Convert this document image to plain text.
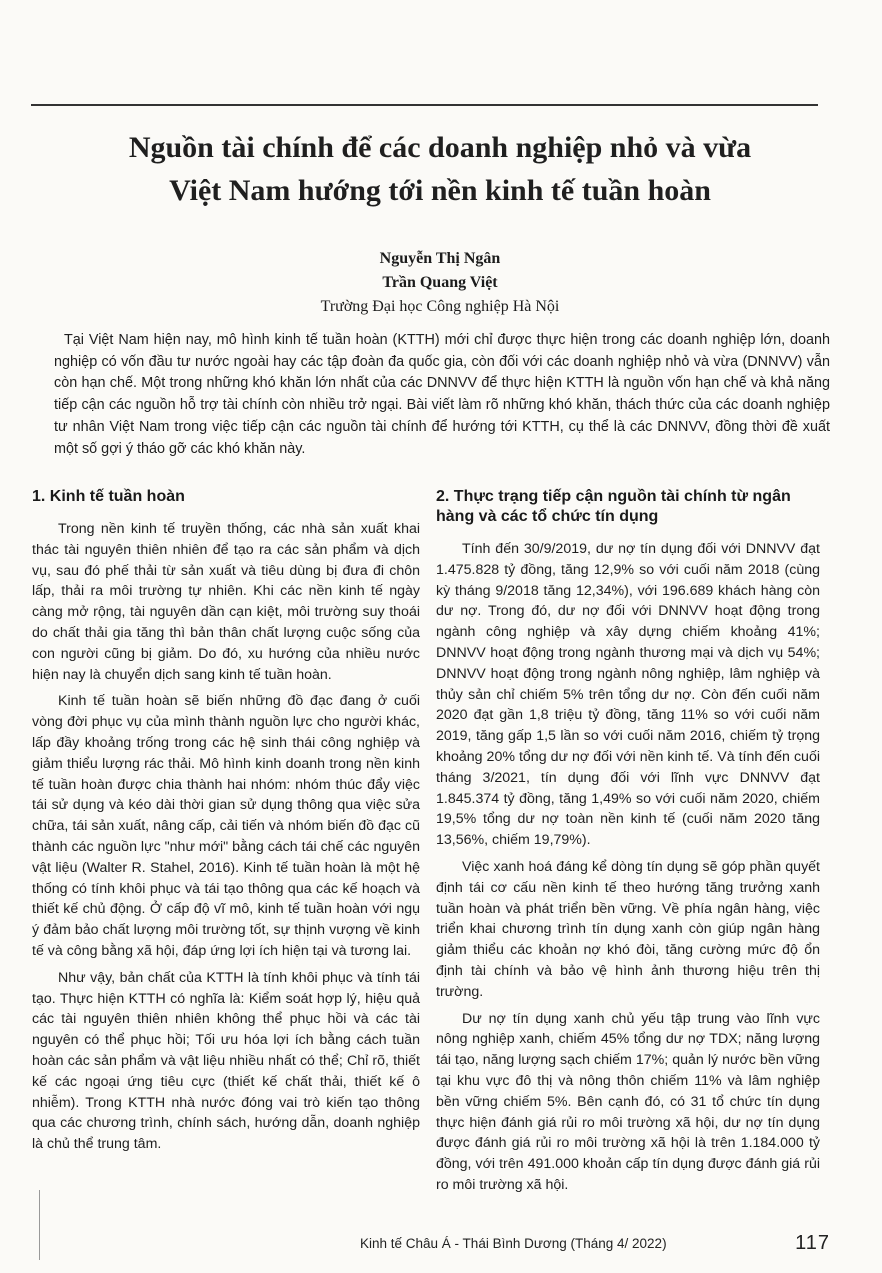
Nguồn tài chính để các doanh nghiệp nhỏ và vừa
Việt Nam hướng tới nền kinh tế tuần hoàn
Nguyễn Thị Ngân
Trần Quang Việt
Trường Đại học Công nghiệp Hà Nội
Tại Việt Nam hiện nay, mô hình kinh tế tuần hoàn (KTTH) mới chỉ được thực hiện trong các doanh nghiệp lớn, doanh nghiệp có vốn đầu tư nước ngoài hay các tập đoàn đa quốc gia, còn đối với các doanh nghiệp nhỏ và vừa (DNNVV) vẫn còn hạn chế. Một trong những khó khăn lớn nhất của các DNNVV để thực hiện KTTH là nguồn vốn hạn chế và khả năng tiếp cận các nguồn hỗ trợ tài chính còn nhiều trở ngại. Bài viết làm rõ những khó khăn, thách thức của các doanh nghiệp tư nhân Việt Nam trong việc tiếp cận các nguồn tài chính để hướng tới KTTH, cụ thể là các DNNVV, đồng thời đề xuất một số gợi ý tháo gỡ các khó khăn này.
1. Kinh tế tuần hoàn

Trong nền kinh tế truyền thống, các nhà sản xuất khai thác tài nguyên thiên nhiên để tạo ra các sản phẩm và dịch vụ, sau đó phế thải từ sản xuất và tiêu dùng bị đưa đi chôn lấp, thải ra môi trường tự nhiên. Khi các nền kinh tế ngày càng mở rộng, tài nguyên dần cạn kiệt, môi trường suy thoái do chất thải gia tăng thì bản thân chất lượng cuộc sống của con người cũng bị giảm. Do đó, xu hướng của nhiều nước hiện nay là chuyển dịch sang kinh tế tuần hoàn.

Kinh tế tuần hoàn sẽ biến những đồ đạc đang ở cuối vòng đời phục vụ của mình thành nguồn lực cho người khác, lấp đầy khoảng trống trong các hệ sinh thái công nghiệp và giảm thiểu lượng rác thải. Mô hình kinh doanh trong nền kinh tế tuần hoàn được chia thành hai nhóm: nhóm thúc đẩy việc tái sử dụng và kéo dài thời gian sử dụng thông qua việc sửa chữa, tái sản xuất, nâng cấp, cải tiến và nhóm biến đồ đạc cũ thành các nguồn lực "như mới" bằng cách tái chế các nguyên vật liệu (Walter R. Stahel, 2016). Kinh tế tuần hoàn là một hệ thống có tính khôi phục và tái tạo thông qua các kế hoạch và thiết kế chủ động. Ở cấp độ vĩ mô, kinh tế tuần hoàn với ngụ ý đảm bảo chất lượng môi trường tốt, sự thịnh vượng về kinh tế và công bằng xã hội, đáp ứng lợi ích hiện tại và tương lai.

Như vậy, bản chất của KTTH là tính khôi phục và tính tái tạo. Thực hiện KTTH có nghĩa là: Kiểm soát hợp lý, hiệu quả các tài nguyên thiên nhiên không thể phục hồi và các tài nguyên có thể phục hồi; Tối ưu hóa lợi ích bằng cách tuần hoàn các sản phẩm và vật liệu nhiều nhất có thể; Chỉ rõ, thiết kế các ngoại ứng tiêu cực (thiết kế chất thải, thiết kế ô nhiễm). Trong KTTH nhà nước đóng vai trò kiến tạo thông qua các chương trình, chính sách, hướng dẫn, doanh nghiệp là chủ thể trung tâm.

2. Thực trạng tiếp cận nguồn tài chính từ ngân hàng và các tổ chức tín dụng

Tính đến 30/9/2019, dư nợ tín dụng đối với DNNVV đạt 1.475.828 tỷ đồng, tăng 12,9% so với cuối năm 2018 (cùng kỳ tháng 9/2018 tăng 12,34%), với 196.689 khách hàng còn dư nợ. Trong đó, dư nợ đối với DNNVV hoạt động trong ngành công nghiệp và xây dựng chiếm khoảng 41%; DNNVV hoạt động trong ngành thương mại và dịch vụ 54%; DNNVV hoạt động trong ngành nông nghiệp, lâm nghiệp và thủy sản chỉ chiếm 5% trên tổng dư nợ. Còn đến cuối năm 2020 đạt gần 1,8 triệu tỷ đồng, tăng 11% so với cuối năm 2019, tăng gấp 1,5 lần so với cuối năm 2016, chiếm tỷ trọng khoảng 20% tổng dư nợ đối với nền kinh tế. Và tính đến cuối tháng 3/2021, tín dụng đối với lĩnh vực DNNVV đạt 1.845.374 tỷ đồng, tăng 1,49% so với cuối năm 2020, chiếm 19,5% tổng dư nợ toàn nền kinh tế (cuối năm 2020 tăng 13,56%, chiếm 19,79%).

Việc xanh hoá đáng kể dòng tín dụng sẽ góp phần quyết định tái cơ cấu nền kinh tế theo hướng tăng trưởng xanh tuần hoàn và phát triển bền vững. Về phía ngân hàng, việc triển khai chương trình tín dụng xanh còn giúp ngân hàng giảm thiểu các khoản nợ khó đòi, tăng cường mức độ ổn định tài chính và bảo vệ hình ảnh thương hiệu trên thị trường.

Dư nợ tín dụng xanh chủ yếu tập trung vào lĩnh vực nông nghiệp xanh, chiếm 45% tổng dư nợ TDX; năng lượng tái tạo, năng lượng sạch chiếm 17%; quản lý nước bền vững tại khu vực đô thị và nông thôn chiếm 11% và lâm nghiệp bền vững chiếm 5%. Bên cạnh đó, có 31 tổ chức tín dụng thực hiện đánh giá rủi ro môi trường xã hội, dư nợ tín dụng được đánh giá rủi ro môi trường xã hội là trên 1.184.000 tỷ đồng, với trên 491.000 khoản cấp tín dụng được đánh giá rủi ro môi trường xã hội.

Kinh tế Châu Á - Thái Bình Dương (Tháng 4/ 2022)	117
